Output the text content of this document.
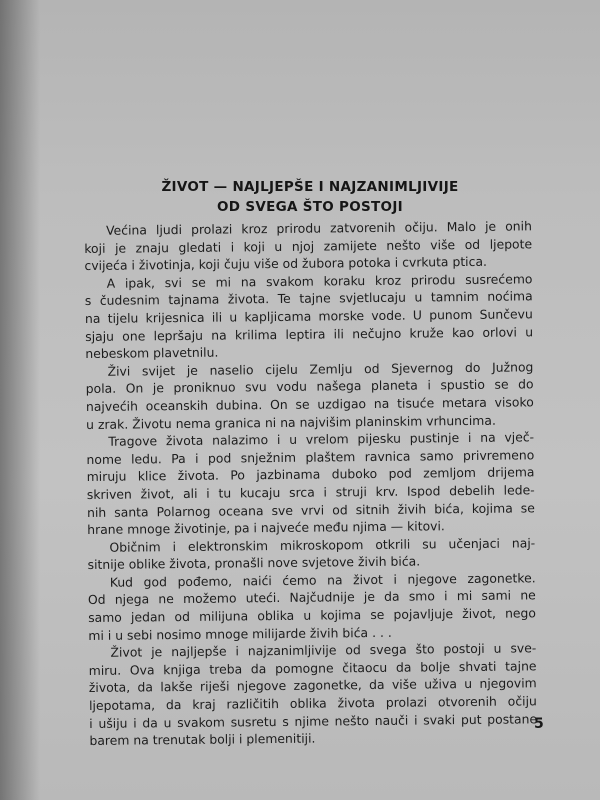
ŽIVOT — NAJLJEPŠE I NAJZANIMLJIVIJE
OD SVEGA ŠTO POSTOJI
Većina ljudi prolazi kroz prirodu zatvorenih očiju. Malo je onih
koji je znaju gledati i koji u njoj zamijete nešto više od ljepote
cvijeća i životinja, koji čuju više od žubora potoka i cvrkuta ptica.
A ipak, svi se mi na svakom koraku kroz prirodu susrećemo
s čudesnim tajnama života. Te tajne svjetlucaju u tamnim noćima
na tijelu krijesnica ili u kapljicama morske vode. U punom Sunčevu
sjaju one lepršaju na krilima leptira ili nečujno kruže kao orlovi u
nebeskom plavetnilu.
Živi svijet je naselio cijelu Zemlju od Sjevernog do Južnog
pola. On je proniknuo svu vodu našega planeta i spustio se do
najvećih oceanskih dubina. On se uzdigao na tisuće metara visoko
u zrak. Životu nema granica ni na najvišim planinskim vrhuncima.
Tragove života nalazimo i u vrelom pijesku pustinje i na vječ-
nome ledu. Pa i pod snježnim plaštem ravnica samo privremeno
miruju klice života. Po jazbinama duboko pod zemljom drijema
skriven život, ali i tu kucaju srca i struji krv. Ispod debelih lede-
nih santa Polarnog oceana sve vrvi od sitnih živih bića, kojima se
hrane mnoge životinje, pa i najveće među njima — kitovi.
Običnim i elektronskim mikroskopom otkrili su učenjaci naj-
sitnije oblike života, pronašli nove svjetove živih bića.
Kud god pođemo, naići ćemo na život i njegove zagonetke.
Od njega ne možemo uteći. Najčudnije je da smo i mi sami ne
samo jedan od milijuna oblika u kojima se pojavljuje život, nego
mi i u sebi nosimo mnoge milijarde živih bića . . .
Život je najljepše i najzanimljivije od svega što postoji u sve-
miru. Ova knjiga treba da pomogne čitaocu da bolje shvati tajne
života, da lakše riješi njegove zagonetke, da više uživa u njegovim
ljepotama, da kraj različitih oblika života prolazi otvorenih očiju
i ušiju i da u svakom susretu s njime nešto nauči i svaki put postane
barem na trenutak bolji i plemenitiji.
5
